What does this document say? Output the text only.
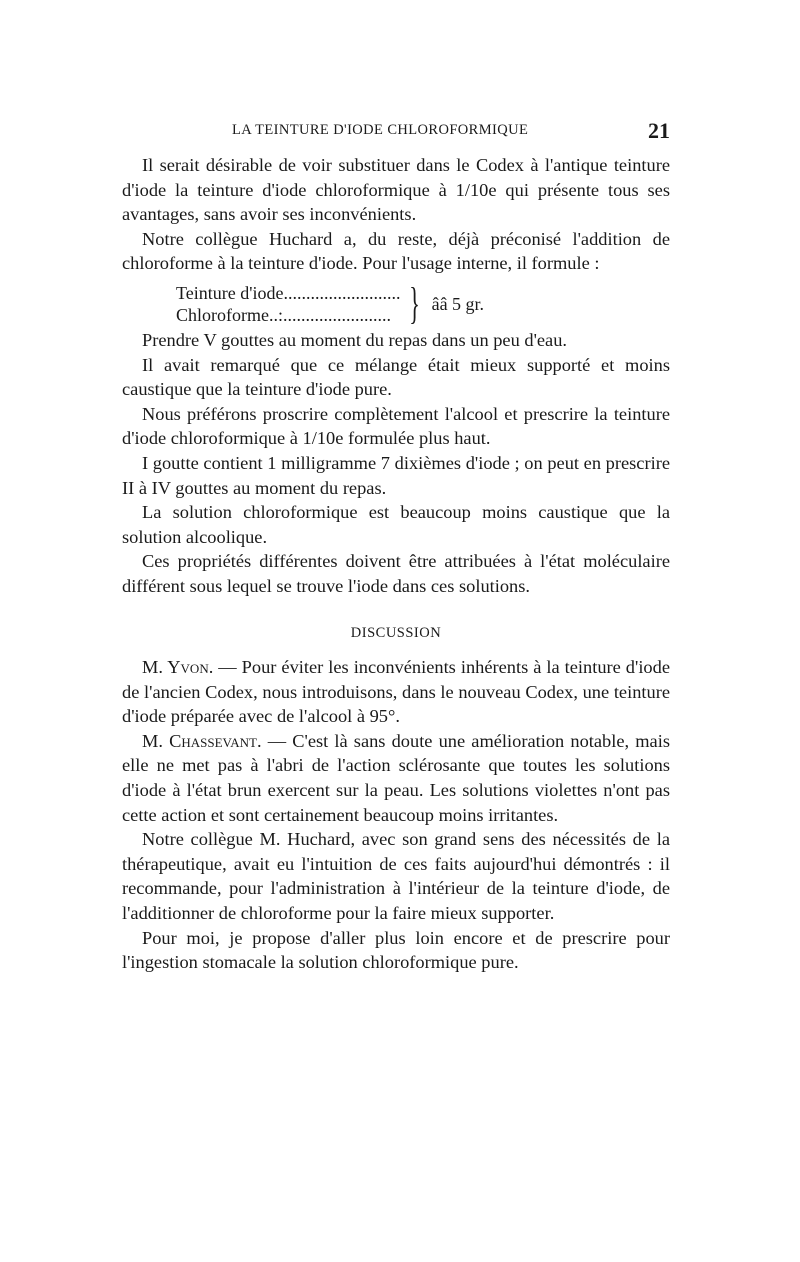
LA TEINTURE D'IODE CHLOROFORMIQUE	21

Il serait désirable de voir substituer dans le Codex à l'antique teinture d'iode la teinture d'iode chloroformique à 1/10e qui présente tous ses avantages, sans avoir ses inconvénients.

Notre collègue Huchard a, du reste, déjà préconisé l'addition de chloroforme à la teinture d'iode. Pour l'usage interne, il formule :

Teinture d'iode..........................
Chloroforme..:........................ } ââ 5 gr.

Prendre V gouttes au moment du repas dans un peu d'eau.

Il avait remarqué que ce mélange était mieux supporté et moins caustique que la teinture d'iode pure.

Nous préférons proscrire complètement l'alcool et prescrire la teinture d'iode chloroformique à 1/10e formulée plus haut.

I goutte contient 1 milligramme 7 dixièmes d'iode ; on peut en prescrire II à IV gouttes au moment du repas.

La solution chloroformique est beaucoup moins caustique que la solution alcoolique.

Ces propriétés différentes doivent être attribuées à l'état moléculaire différent sous lequel se trouve l'iode dans ces solutions.

DISCUSSION

M. Yvon. — Pour éviter les inconvénients inhérents à la teinture d'iode de l'ancien Codex, nous introduisons, dans le nouveau Codex, une teinture d'iode préparée avec de l'alcool à 95°.

M. Chassevant. — C'est là sans doute une amélioration notable, mais elle ne met pas à l'abri de l'action sclérosante que toutes les solutions d'iode à l'état brun exercent sur la peau. Les solutions violettes n'ont pas cette action et sont certainement beaucoup moins irritantes.

Notre collègue M. Huchard, avec son grand sens des nécessités de la thérapeutique, avait eu l'intuition de ces faits aujourd'hui démontrés : il recommande, pour l'administration à l'intérieur de la teinture d'iode, de l'additionner de chloroforme pour la faire mieux supporter.

Pour moi, je propose d'aller plus loin encore et de prescrire pour l'ingestion stomacale la solution chloroformique pure.
